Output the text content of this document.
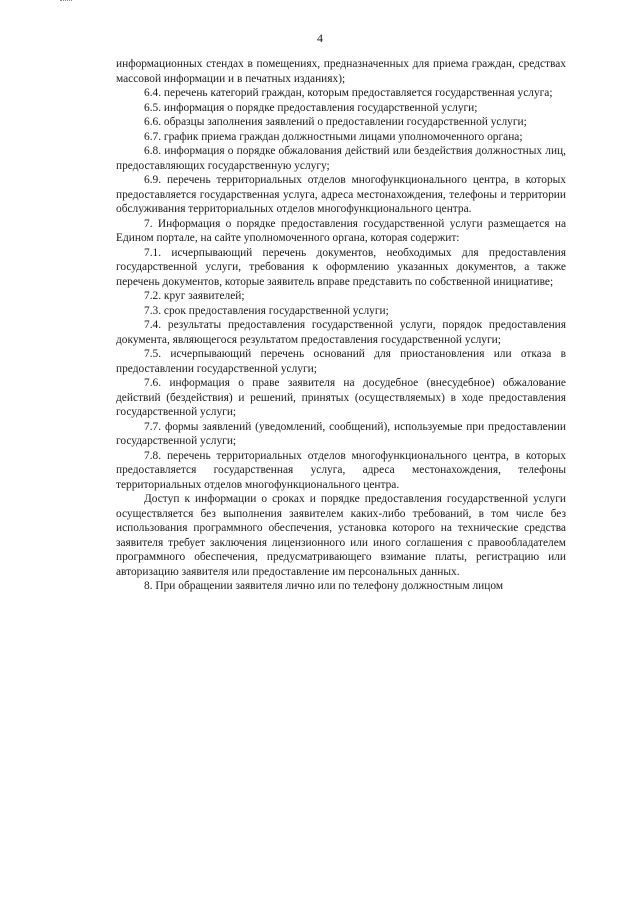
4

информационных стендах в помещениях, предназначенных для приема граждан, средствах массовой информации и в печатных изданиях);

6.4. перечень категорий граждан, которым предоставляется государственная услуга;

6.5. информация о порядке предоставления государственной услуги;

6.6. образцы заполнения заявлений о предоставлении государственной услуги;

6.7. график приема граждан должностными лицами уполномоченного органа;

6.8. информация о порядке обжалования действий или бездействия должностных лиц, предоставляющих государственную услугу;

6.9. перечень территориальных отделов многофункционального центра, в которых предоставляется государственная услуга, адреса местонахождения, телефоны и территории обслуживания территориальных отделов многофункционального центра.

7. Информация о порядке предоставления государственной услуги размещается на Едином портале, на сайте уполномоченного органа, которая содержит:

7.1. исчерпывающий перечень документов, необходимых для предоставления государственной услуги, требования к оформлению указанных документов, а также перечень документов, которые заявитель вправе представить по собственной инициативе;

7.2. круг заявителей;

7.3. срок предоставления государственной услуги;

7.4. результаты предоставления государственной услуги, порядок предоставления документа, являющегося результатом предоставления государственной услуги;

7.5. исчерпывающий перечень оснований для приостановления или отказа в предоставлении государственной услуги;

7.6. информация о праве заявителя на досудебное (внесудебное) обжалование действий (бездействия) и решений, принятых (осуществляемых) в ходе предоставления государственной услуги;

7.7. формы заявлений (уведомлений, сообщений), используемые при предоставлении государственной услуги;

7.8. перечень территориальных отделов многофункционального центра, в которых предоставляется государственная услуга, адреса местонахождения, телефоны территориальных отделов многофункционального центра.

Доступ к информации о сроках и порядке предоставления государственной услуги осуществляется без выполнения заявителем каких-либо требований, в том числе без использования программного обеспечения, установка которого на технические средства заявителя требует заключения лицензионного или иного соглашения с правообладателем программного обеспечения, предусматривающего взимание платы, регистрацию или авторизацию заявителя или предоставление им персональных данных.

8. При обращении заявителя лично или по телефону должностным лицом
